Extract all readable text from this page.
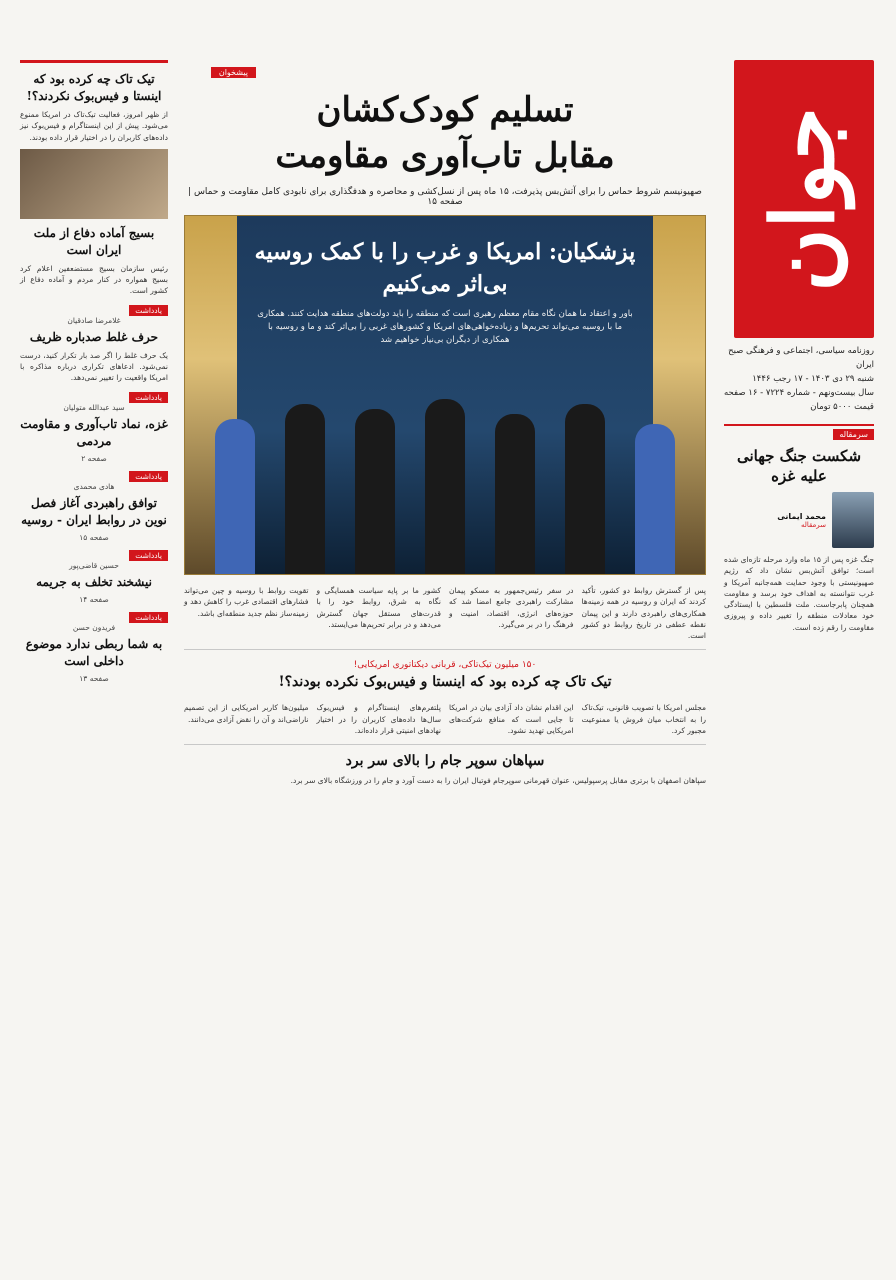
جوان
روزنامه سیاسی، اجتماعی و فرهنگی صبح ایران
شنبه ۲۹ دی ۱۴۰۳ - ۱۷ رجب ۱۴۴۶
سال بیست‌ونهم - شماره ۷۲۲۴ - ۱۶ صفحه
قیمت ۵۰۰۰ تومان
سرمقاله
شکست جنگ جهانی علیه غزه
محمد ایمانی
سرمقاله
جنگ غزه پس از ۱۵ ماه وارد مرحله تازه‌ای شده است؛ توافق آتش‌بس نشان داد که رژیم صهیونیستی با وجود حمایت همه‌جانبه آمریکا و غرب نتوانسته به اهداف خود برسد و مقاومت همچنان پابرجاست. ملت فلسطین با ایستادگی خود معادلات منطقه را تغییر داده و پیروزی مقاومت را رقم زده است.
پیشخوان
تسلیم کودک‌کشان
مقابل تاب‌آوری مقاومت
صهیونیسم شروط حماس را برای آتش‌بس پذیرفت، ۱۵ ماه پس از نسل‌کشی و محاصره و هدفگذاری برای نابودی کامل مقاومت و حماس | صفحه ۱۵
پزشکیان: امریکا و غرب را با کمک روسیه بی‌اثر می‌کنیم
باور و اعتقاد ما همان نگاه مقام معظم رهبری است که منطقه را باید دولت‌های منطقه هدایت کنند. همکاری ما با روسیه می‌تواند تحریم‌ها و زیاده‌خواهی‌های امریکا و کشورهای غربی را بی‌اثر کند و ما و روسیه با همکاری از دیگران بی‌نیاز خواهیم شد
پس از گسترش روابط دو کشور، تأکید کردند که ایران و روسیه در همه زمینه‌ها همکاری‌های راهبردی دارند و این پیمان نقطه عطفی در تاریخ روابط دو کشور است.
در سفر رئیس‌جمهور به مسکو پیمان مشارکت راهبردی جامع امضا شد که حوزه‌های انرژی، اقتصاد، امنیت و فرهنگ را در بر می‌گیرد.
کشور ما بر پایه سیاست همسایگی و نگاه به شرق، روابط خود را با قدرت‌های مستقل جهان گسترش می‌دهد و در برابر تحریم‌ها می‌ایستد.
تقویت روابط با روسیه و چین می‌تواند فشارهای اقتصادی غرب را کاهش دهد و زمینه‌ساز نظم جدید منطقه‌ای باشد.
۱۵۰ میلیون تیک‌تاکی، قربانی دیکتاتوری امریکایی!
تیک تاک چه کرده بود که اینستا و فیس‌بوک نکرده بودند؟!
مجلس امریکا با تصویب قانونی، تیک‌تاک را به انتخاب میان فروش یا ممنوعیت مجبور کرد.
این اقدام نشان داد آزادی بیان در امریکا تا جایی است که منافع شرکت‌های امریکایی تهدید نشود.
پلتفرم‌های اینستاگرام و فیس‌بوک سال‌ها داده‌های کاربران را در اختیار نهادهای امنیتی قرار داده‌اند.
میلیون‌ها کاربر امریکایی از این تصمیم ناراضی‌اند و آن را نقض آزادی می‌دانند.
سپاهان سوپر جام را بالای سر برد
سپاهان اصفهان با برتری مقابل پرسپولیس، عنوان قهرمانی سوپرجام فوتبال ایران را به دست آورد و جام را در ورزشگاه بالای سر برد.
تیک تاک چه کرده بود که اینستا و فیس‌بوک نکردند؟!
از ظهر امروز، فعالیت تیک‌تاک در امریکا ممنوع می‌شود. پیش از این اینستاگرام و فیس‌بوک نیز داده‌های کاربران را در اختیار قرار داده بودند.
بسیج آماده دفاع از ملت ایران است
رئیس سازمان بسیج مستضعفین اعلام کرد بسیج همواره در کنار مردم و آماده دفاع از کشور است.
یادداشت
غلامرضا صادقیان
حرف غلط صدباره ظریف
یک حرف غلط را اگر صد بار تکرار کنید، درست نمی‌شود. ادعاهای تکراری درباره مذاکره با امریکا واقعیت را تغییر نمی‌دهد.
یادداشت
سید عبدالله متولیان
غزه، نماد تاب‌آوری و مقاومت مردمی
صفحه ۲
یادداشت
هادی محمدی
توافق راهبردی آغاز فصل نوین در روابط ایران - روسیه
صفحه ۱۵
یادداشت
حسین قاضی‌پور
نیشخند تخلف به جریمه
صفحه ۱۴
یادداشت
فریدون حسن
به شما ربطی ندارد موضوع داخلی است
صفحه ۱۳
